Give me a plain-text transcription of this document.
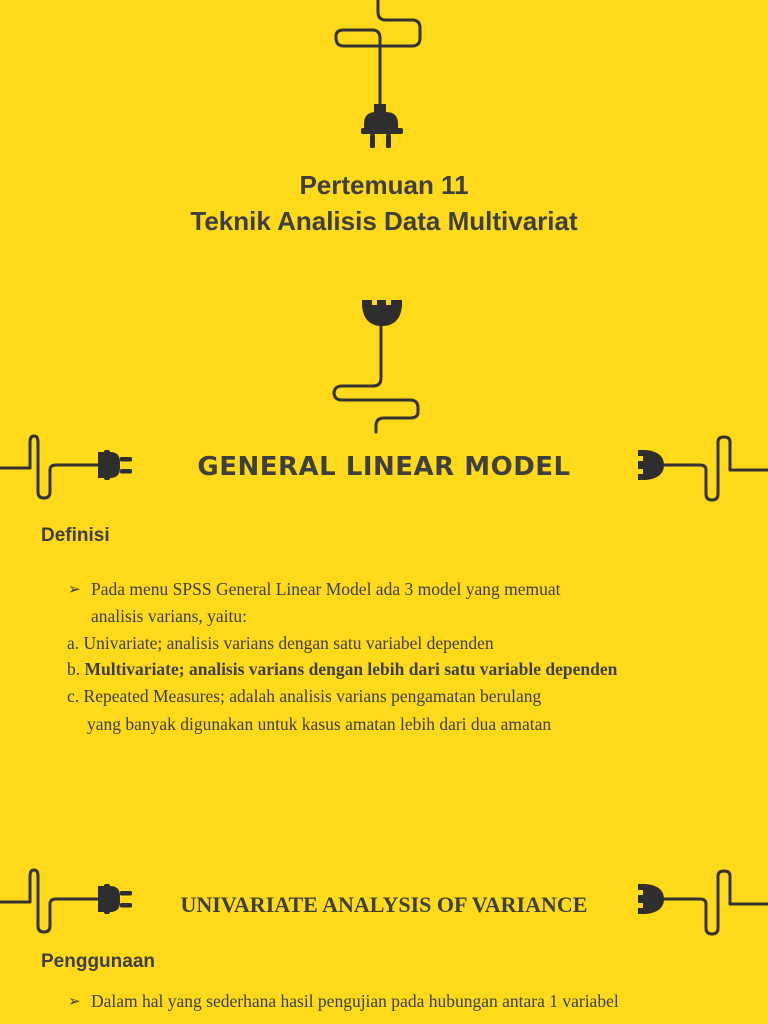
Pertemuan 11
Teknik Analisis Data Multivariat
GENERAL LINEAR MODEL
Definisi
➢ Pada menu SPSS General Linear Model ada 3 model yang memuat
analisis varians, yaitu:
a. Univariate; analisis varians dengan satu variabel dependen
b. Multivariate; analisis varians dengan lebih dari satu variable dependen
c. Repeated Measures; adalah analisis varians pengamatan berulang
yang banyak digunakan untuk kasus amatan lebih dari dua amatan
UNIVARIATE ANALYSIS OF VARIANCE
Penggunaan
➢ Dalam hal yang sederhana hasil pengujian pada hubungan antara 1 variabel
